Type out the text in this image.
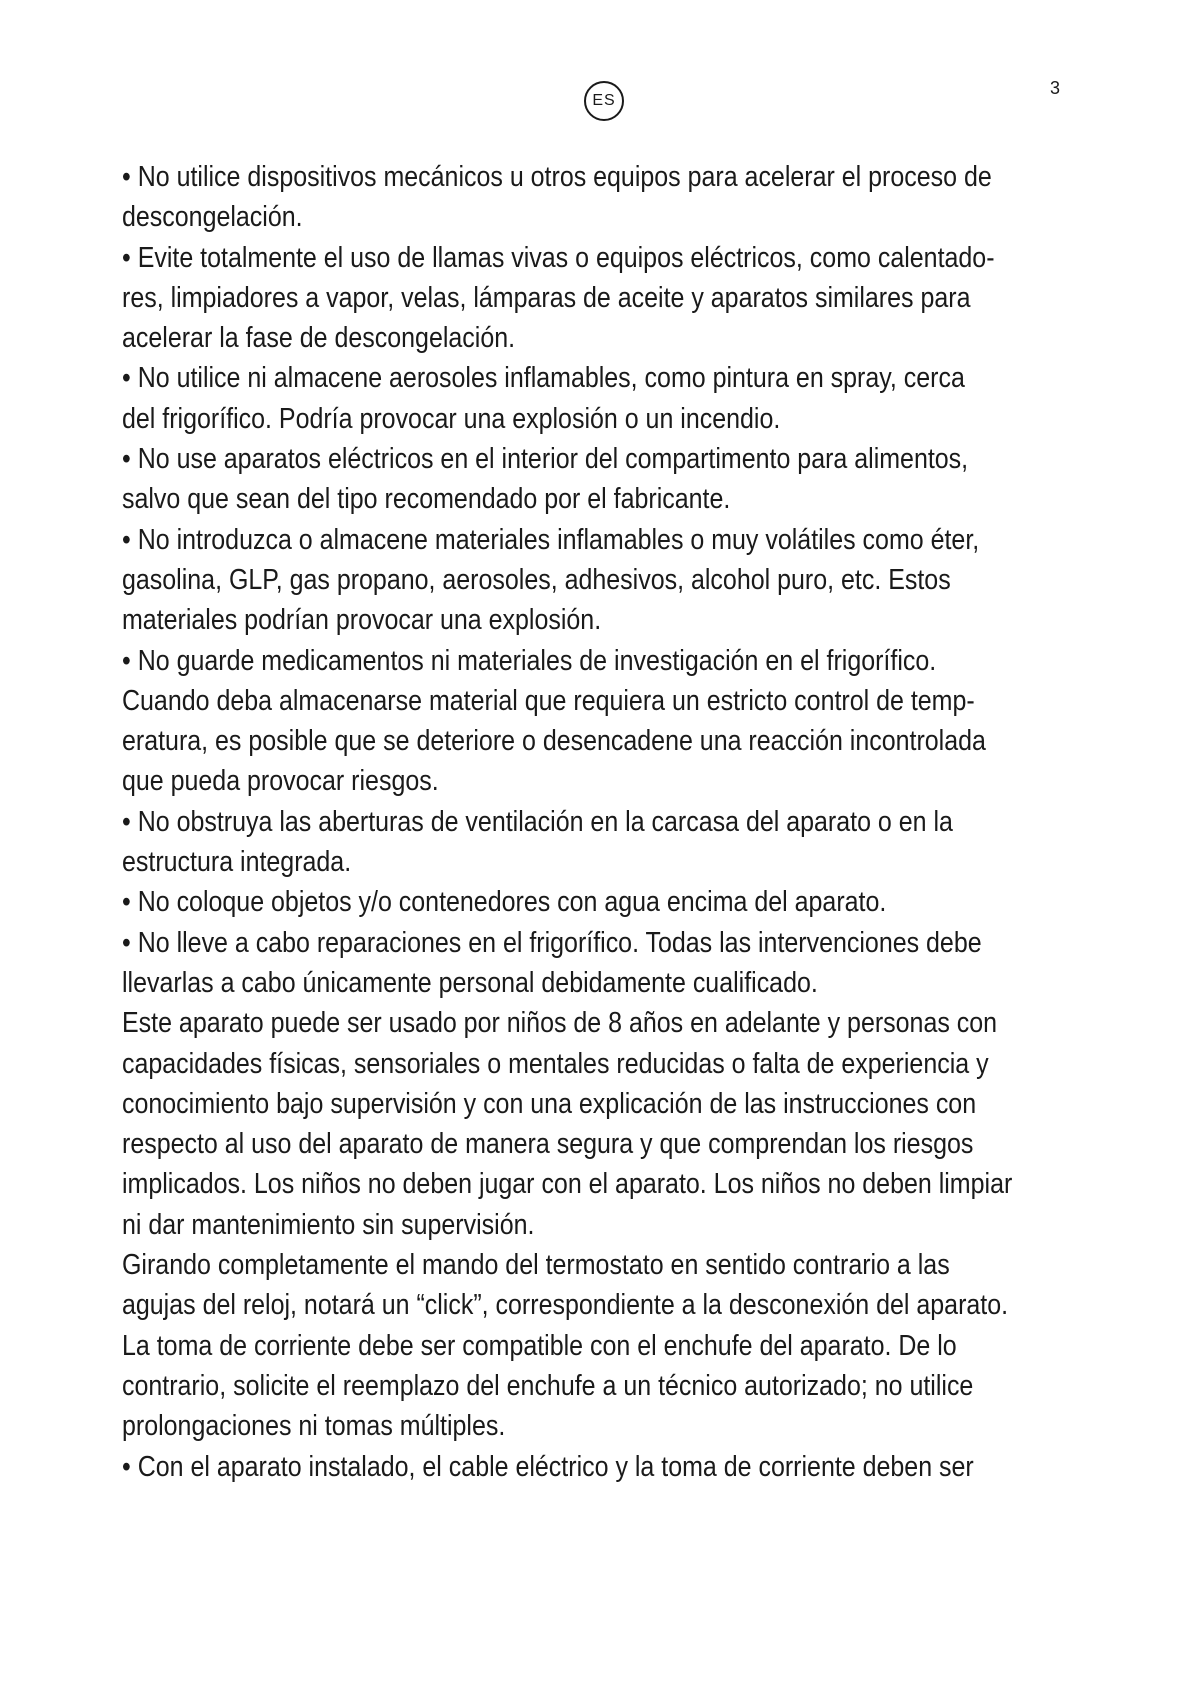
ES
3
• No utilice dispositivos mecánicos u otros equipos para acelerar el proceso de
descongelación.
• Evite totalmente el uso de llamas vivas o equipos eléctricos, como calentado-
res, limpiadores a vapor, velas, lámparas de aceite y aparatos similares para
acelerar la fase de descongelación.
• No utilice ni almacene aerosoles inflamables, como pintura en spray, cerca
del frigorífico. Podría provocar una explosión o un incendio.
• No use aparatos eléctricos en el interior del compartimento para alimentos,
salvo que sean del tipo recomendado por el fabricante.
• No introduzca o almacene materiales inflamables o muy volátiles como éter,
gasolina, GLP, gas propano, aerosoles, adhesivos, alcohol puro, etc. Estos
materiales podrían provocar una explosión.
• No guarde medicamentos ni materiales de investigación en el frigorífico.
Cuando deba almacenarse material que requiera un estricto control de temp-
eratura, es posible que se deteriore o desencadene una reacción incontrolada
que pueda provocar riesgos.
• No obstruya las aberturas de ventilación en la carcasa del aparato o en la
estructura integrada.
• No coloque objetos y/o contenedores con agua encima del aparato.
• No lleve a cabo reparaciones en el frigorífico. Todas las intervenciones debe
llevarlas a cabo únicamente personal debidamente cualificado.
Este aparato puede ser usado por niños de 8 años en adelante y personas con
capacidades físicas, sensoriales o mentales reducidas o falta de experiencia y
conocimiento bajo supervisión y con una explicación de las instrucciones con
respecto al uso del aparato de manera segura y que comprendan los riesgos
implicados. Los niños no deben jugar con el aparato. Los niños no deben limpiar
ni dar mantenimiento sin supervisión.
Girando completamente el mando del termostato en sentido contrario a las
agujas del reloj, notará un “click”, correspondiente a la desconexión del aparato.
La toma de corriente debe ser compatible con el enchufe del aparato. De lo
contrario, solicite el reemplazo del enchufe a un técnico autorizado; no utilice
prolongaciones ni tomas múltiples.
• Con el aparato instalado, el cable eléctrico y la toma de corriente deben ser
